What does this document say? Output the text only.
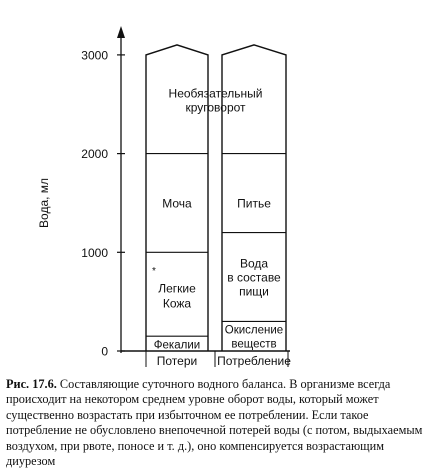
0
1000
2000
3000
Вода, мл
Потери Потребление
Фекалии
Легкие Кожа
Моча
Необязательный круговорот
Окисление веществ
Вода в составе пищи
Питье
*
Рис. 17.6. Составляющие суточного водного баланса. В организме всегда происходит на некотором среднем уровне оборот воды, который может существенно возрастать при избыточном ее потреблении. Если такое потребление не обусловлено внепочечной потерей воды (с потом, выдыхаемым воздухом, при рвоте, поносе и т. д.), оно компенсируется возрастающим диурезом
